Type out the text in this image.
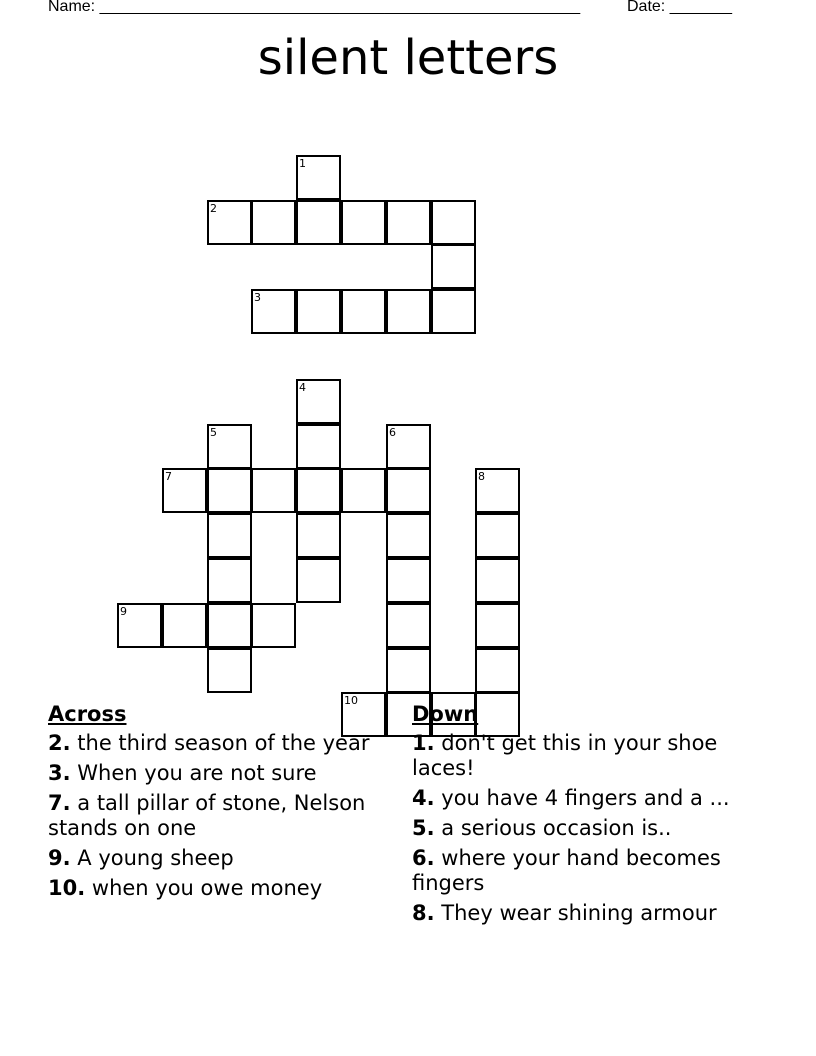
Name: ______________________________________________________	Date: _______
silent letters
1
2
3
4
5	6
7	8
9
10
Across
2. the third season of the year
3. When you are not sure
7. a tall pillar of stone, Nelson stands on one
9. A young sheep
10. when you owe money
Down
1. don't get this in your shoe laces!
4. you have 4 fingers and a ...
5. a serious occasion is..
6. where your hand becomes fingers
8. They wear shining armour
